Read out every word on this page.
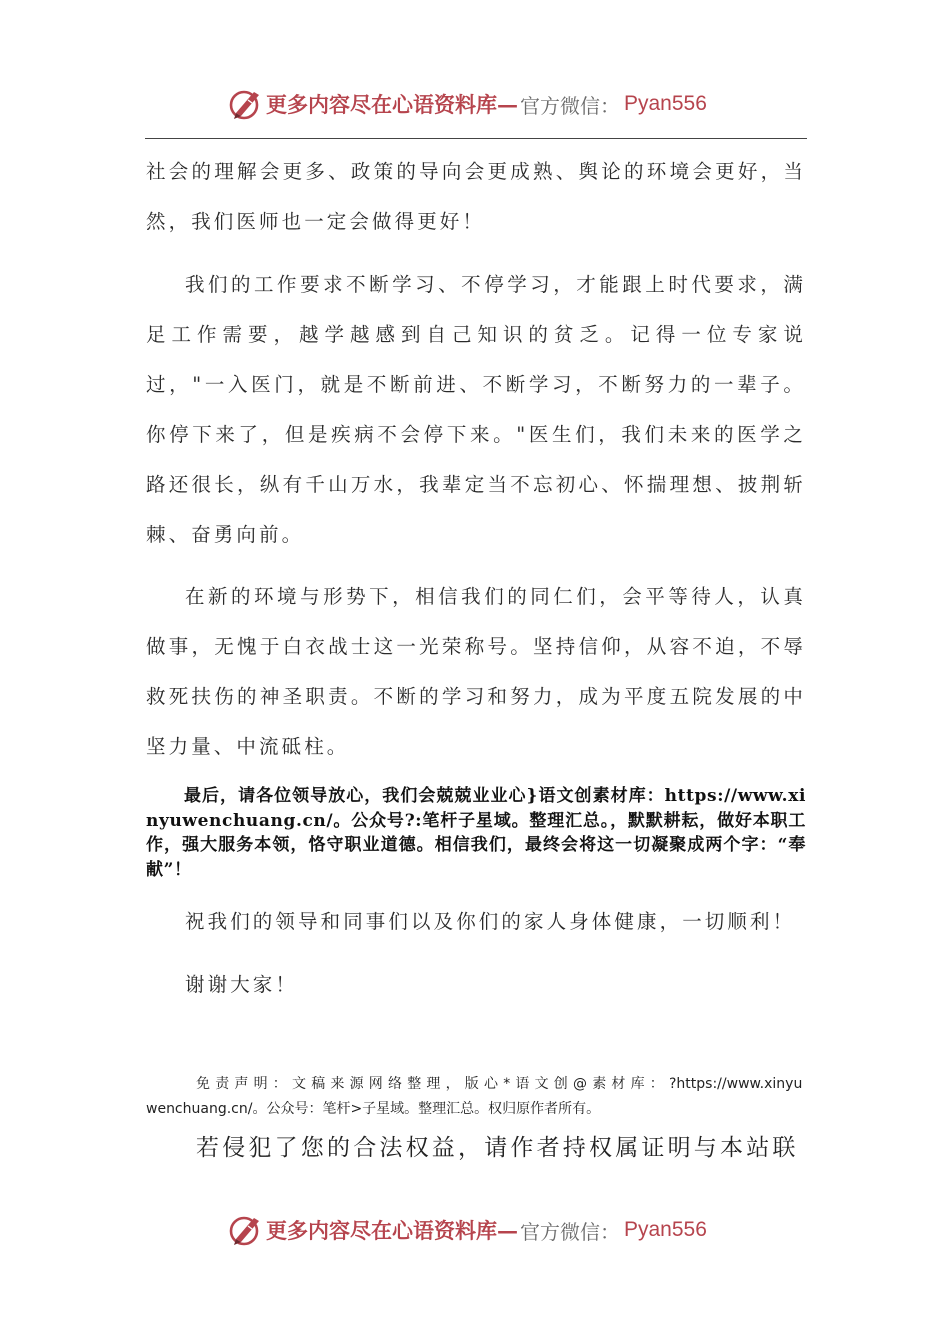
更多内容尽在心语资料库 — 官方微信： Pyan556

社会的理解会更多、政策的导向会更成熟、舆论的环境会更好，当然，我们医师也一定会做得更好！

我们的工作要求不断学习、不停学习，才能跟上时代要求，满足工作需要，越学越感到自己知识的贫乏。记得一位专家说过，"一入医门，就是不断前进、不断学习，不断努力的一辈子。你停下来了，但是疾病不会停下来。"医生们，我们未来的医学之路还很长，纵有千山万水，我辈定当不忘初心、怀揣理想、披荆斩棘、奋勇向前。

在新的环境与形势下，相信我们的同仁们，会平等待人，认真做事，无愧于白衣战士这一光荣称号。坚持信仰，从容不迫，不辱救死扶伤的神圣职责。不断的学习和努力，成为平度五院发展的中坚力量、中流砥柱。

最后，请各位领导放心，我们会兢兢业业心}语文创素材库：https://www.xinyuwenchuang.cn/。公众号?:笔杆子星域。整理汇总。，默默耕耘，做好本职工作，强大服务本领，恪守职业道德。相信我们，最终会将这一切凝聚成两个字：“奉献”！

祝我们的领导和同事们以及你们的家人身体健康，一切顺利！

谢谢大家！

免责声明：文稿来源网络整理，版心*语文创@素材库：?https://www.xinyuwenchuang.cn/。公众号：笔杆>子星域。整理汇总。权归原作者所有。
若侵犯了您的合法权益，请作者持权属证明与本站联
更多内容尽在心语资料库 — 官方微信： Pyan556
